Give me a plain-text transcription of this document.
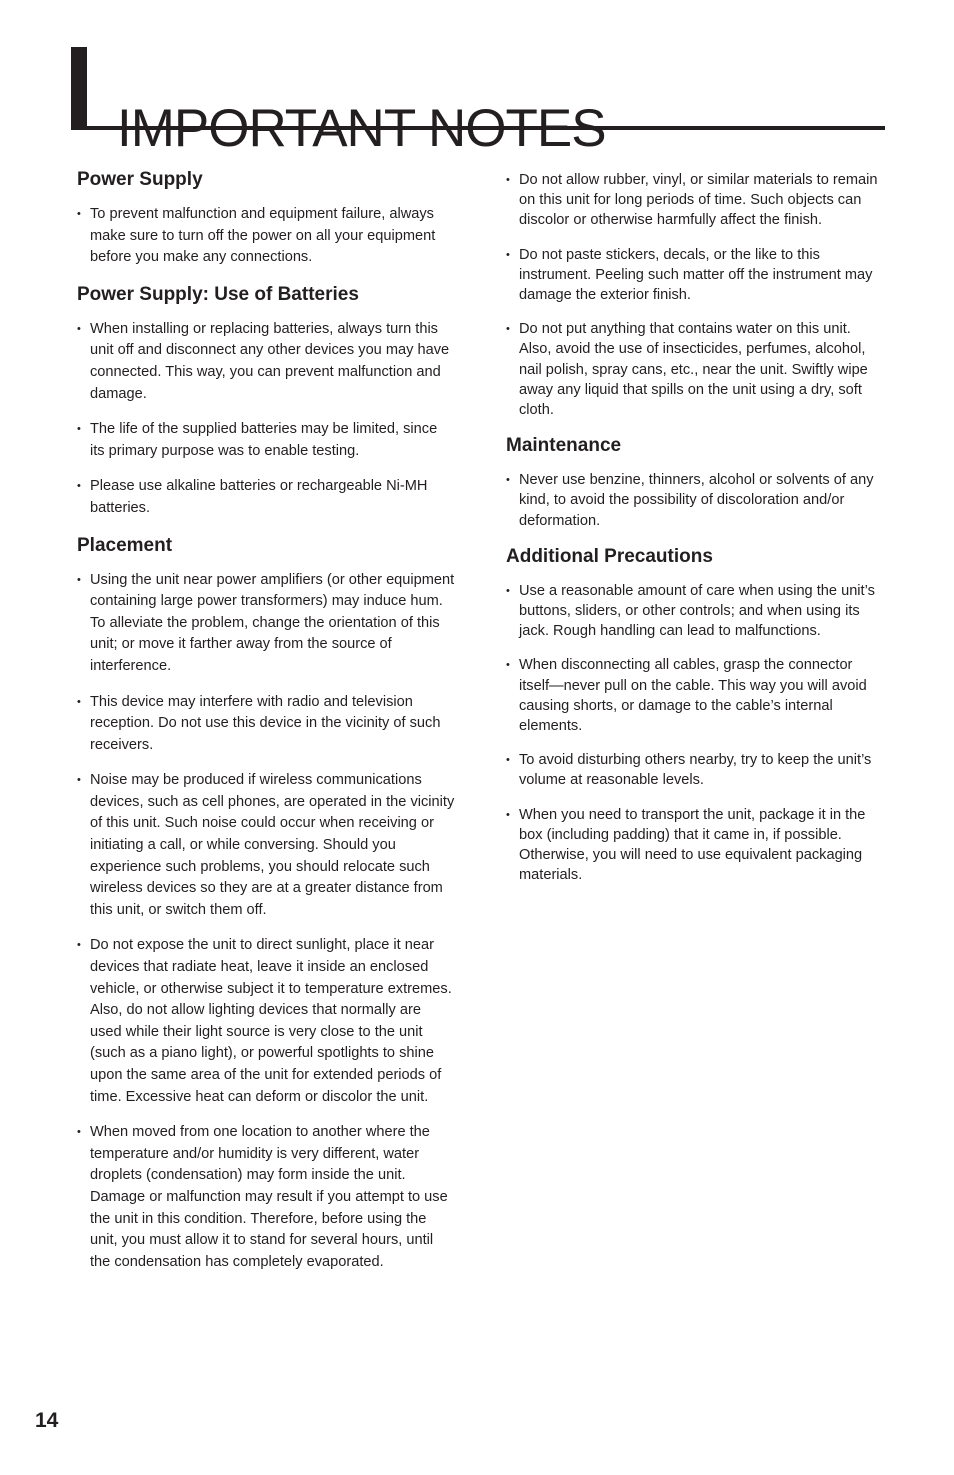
IMPORTANT NOTES
Power Supply
• To prevent malfunction and equipment failure, always make sure to turn off the power on all your equipment before you make any connections.
Power Supply: Use of Batteries
• When installing or replacing batteries, always turn this unit off and disconnect any other devices you may have connected. This way, you can prevent malfunction and damage.
• The life of the supplied batteries may be limited, since its primary purpose was to enable testing.
• Please use alkaline batteries or rechargeable Ni-MH batteries.
Placement
• Using the unit near power amplifiers (or other equipment containing large power transformers) may induce hum. To alleviate the problem, change the orientation of this unit; or move it farther away from the source of interference.
• This device may interfere with radio and television reception. Do not use this device in the vicinity of such receivers.
• Noise may be produced if wireless communications devices, such as cell phones, are operated in the vicinity of this unit. Such noise could occur when receiving or initiating a call, or while conversing. Should you experience such problems, you should relocate such wireless devices so they are at a greater distance from this unit, or switch them off.
• Do not expose the unit to direct sunlight, place it near devices that radiate heat, leave it inside an enclosed vehicle, or otherwise subject it to temperature extremes. Also, do not allow lighting devices that normally are used while their light source is very close to the unit (such as a piano light), or powerful spotlights to shine upon the same area of the unit for extended periods of time. Excessive heat can deform or discolor the unit.
• When moved from one location to another where the temperature and/or humidity is very different, water droplets (condensation) may form inside the unit. Damage or malfunction may result if you attempt to use the unit in this condition. Therefore, before using the unit, you must allow it to stand for several hours, until the condensation has completely evaporated.
• Do not allow rubber, vinyl, or similar materials to remain on this unit for long periods of time. Such objects can discolor or otherwise harmfully affect the finish.
• Do not paste stickers, decals, or the like to this instrument. Peeling such matter off the instrument may damage the exterior finish.
• Do not put anything that contains water on this unit. Also, avoid the use of insecticides, perfumes, alcohol, nail polish, spray cans, etc., near the unit. Swiftly wipe away any liquid that spills on the unit using a dry, soft cloth.
Maintenance
• Never use benzine, thinners, alcohol or solvents of any kind, to avoid the possibility of discoloration and/or deformation.
Additional Precautions
• Use a reasonable amount of care when using the unit’s buttons, sliders, or other controls; and when using its jack. Rough handling can lead to malfunctions.
• When disconnecting all cables, grasp the connector itself—never pull on the cable. This way you will avoid causing shorts, or damage to the cable’s internal elements.
• To avoid disturbing others nearby, try to keep the unit’s volume at reasonable levels.
• When you need to transport the unit, package it in the box (including padding) that it came in, if possible. Otherwise, you will need to use equivalent packaging materials.
14
